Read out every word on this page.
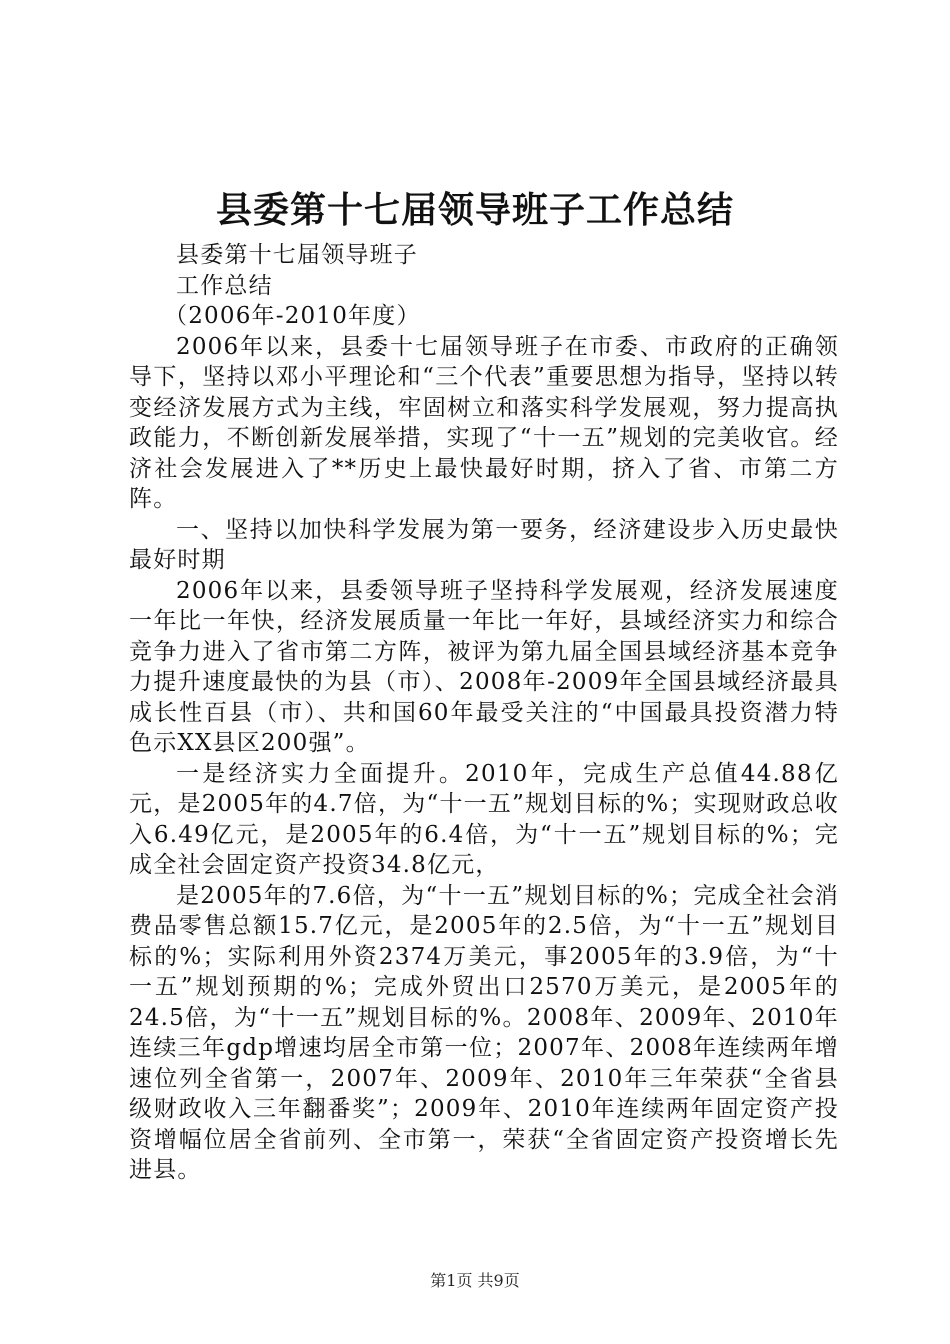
县委第十七届领导班子工作总结

县委第十七届领导班子

工作总结

（2006年-2010年度）

2006年以来，县委十七届领导班子在市委、市政府的正确领导下，坚持以邓小平理论和“三个代表”重要思想为指导，坚持以转变经济发展方式为主线，牢固树立和落实科学发展观，努力提高执政能力，不断创新发展举措，实现了“十一五”规划的完美收官。经济社会发展进入了**历史上最快最好时期，挤入了省、市第二方阵。

一、坚持以加快科学发展为第一要务，经济建设步入历史最快最好时期

2006年以来，县委领导班子坚持科学发展观，经济发展速度一年比一年快，经济发展质量一年比一年好，县域经济实力和综合竞争力进入了省市第二方阵，被评为第九届全国县域经济基本竞争力提升速度最快的为县（市）、2008年-2009年全国县域经济最具成长性百县（市）、共和国60年最受关注的“中国最具投资潜力特色示XX县区200强”。

一是经济实力全面提升。2010年，完成生产总值44.88亿元，是2005年的4.7倍，为“十一五”规划目标的%；实现财政总收入6.49亿元，是2005年的6.4倍，为“十一五”规划目标的%；完成全社会固定资产投资34.8亿元，

是2005年的7.6倍，为“十一五”规划目标的%；完成全社会消费品零售总额15.7亿元，是2005年的2.5倍，为“十一五”规划目标的%；实际利用外资2374万美元，事2005年的3.9倍，为“十一五”规划预期的%；完成外贸出口2570万美元，是2005年的24.5倍，为“十一五”规划目标的%。2008年、2009年、2010年连续三年gdp增速均居全市第一位；2007年、2008年连续两年增速位列全省第一，2007年、2009年、2010年三年荣获“全省县级财政收入三年翻番奖”；2009年、2010年连续两年固定资产投资增幅位居全省前列、全市第一，荣获“全省固定资产投资增长先进县。

第1页 共9页
